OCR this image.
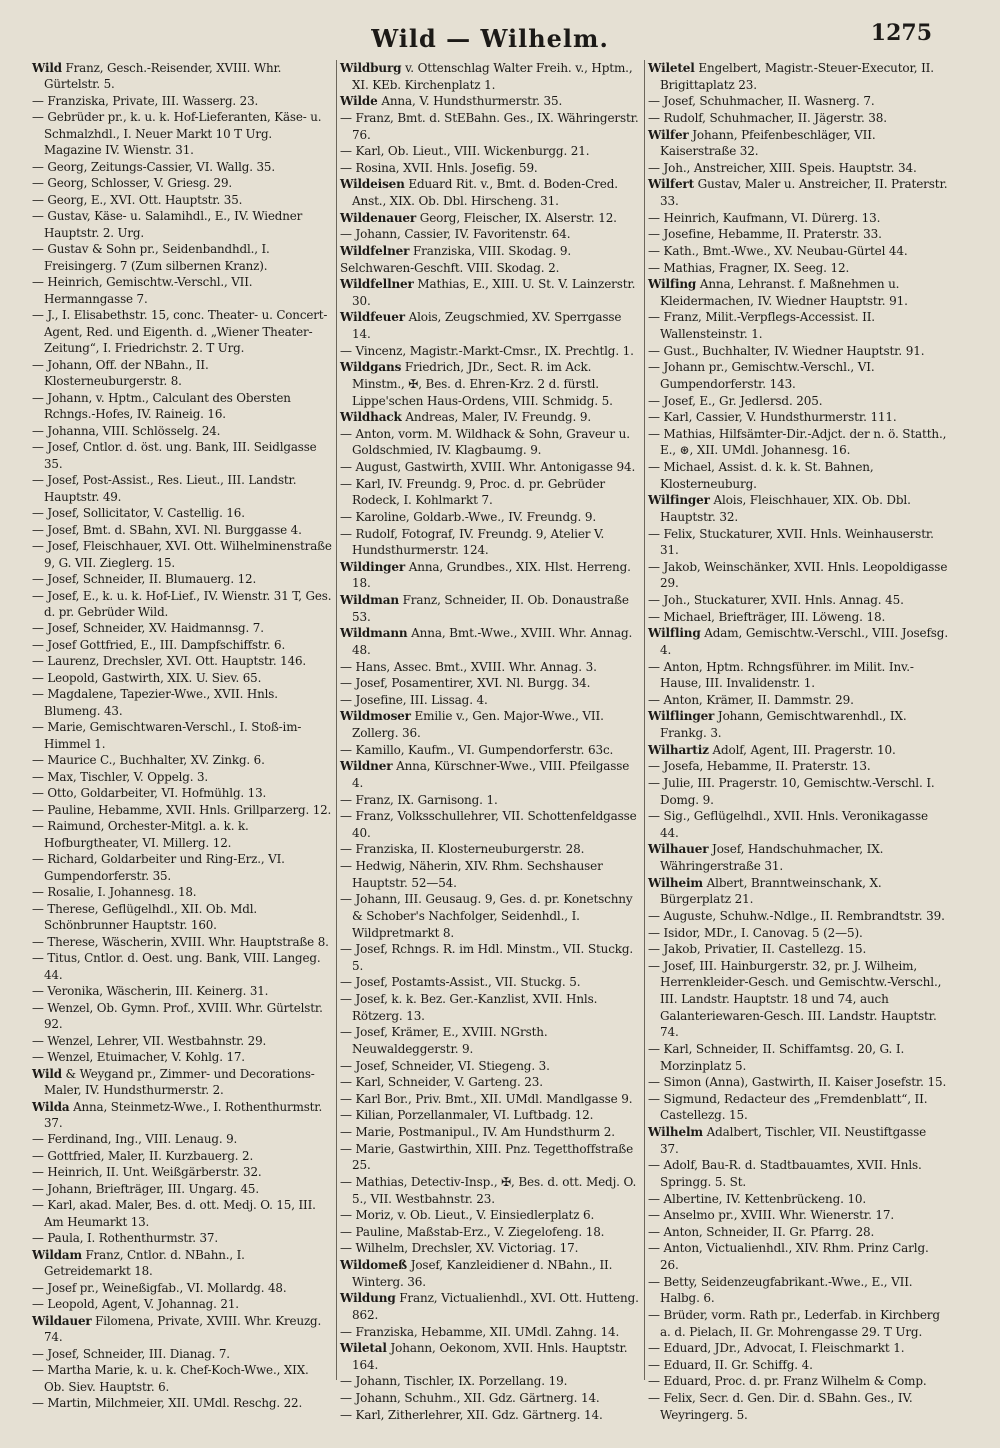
Wild — Wilhelm.	1275

Wild Franz, Gesch.-Reisender, XVIII. Whr. Gürtelstr. 5.

— Franziska, Private, III. Wasserg. 23.

— Gebrüder pr., k. u. k. Hof-Lieferanten, Käse- u. Schmalzhdl., I. Neuer Markt 10 T Urg. Magazine IV. Wienstr. 31.

— Georg, Zeitungs-Cassier, VI. Wallg. 35.

— Georg, Schlosser, V. Griesg. 29.

— Georg, E., XVI. Ott. Hauptstr. 35.

— Gustav, Käse- u. Salamihdl., E., IV. Wiedner Hauptstr. 2. Urg.

— Gustav & Sohn pr., Seidenbandhdl., I. Freisingerg. 7 (Zum silbernen Kranz).

— Heinrich, Gemischtw.-Verschl., VII. Hermanngasse 7.

— J., I. Elisabethstr. 15, conc. Theater- u. Concert-Agent, Red. und Eigenth. d. „Wiener Theater-Zeitung“, I. Friedrichstr. 2. T Urg.

— Johann, Off. der NBahn., II. Klosterneuburgerstr. 8.

— Johann, v. Hptm., Calculant des Obersten Rchngs.-Hofes, IV. Raineig. 16.

— Johanna, VIII. Schlösselg. 24.

— Josef, Cntlor. d. öst. ung. Bank, III. Seidlgasse 35.

— Josef, Post-Assist., Res. Lieut., III. Landstr. Hauptstr. 49.

— Josef, Sollicitator, V. Castellig. 16.

— Josef, Bmt. d. SBahn, XVI. Nl. Burggasse 4.

— Josef, Fleischhauer, XVI. Ott. Wilhelminenstraße 9, G. VII. Zieglerg. 15.

— Josef, Schneider, II. Blumauerg. 12.

— Josef, E., k. u. k. Hof-Lief., IV. Wienstr. 31 T, Ges. d. pr. Gebrüder Wild.

— Josef, Schneider, XV. Haidmannsg. 7.

— Josef Gottfried, E., III. Dampfschiffstr. 6.

— Laurenz, Drechsler, XVI. Ott. Hauptstr. 146.

— Leopold, Gastwirth, XIX. U. Siev. 65.

— Magdalene, Tapezier-Wwe., XVII. Hnls. Blumeng. 43.

— Marie, Gemischtwaren-Verschl., I. Stoß-im-Himmel 1.

— Maurice C., Buchhalter, XV. Zinkg. 6.

— Max, Tischler, V. Oppelg. 3.

— Otto, Goldarbeiter, VI. Hofmühlg. 13.

— Pauline, Hebamme, XVII. Hnls. Grillparzerg. 12.

— Raimund, Orchester-Mitgl. a. k. k. Hofburgtheater, VI. Millerg. 12.

— Richard, Goldarbeiter und Ring-Erz., VI. Gumpendorferstr. 35.

— Rosalie, I. Johannesg. 18.

— Therese, Geflügelhdl., XII. Ob. Mdl. Schönbrunner Hauptstr. 160.

— Therese, Wäscherin, XVIII. Whr. Hauptstraße 8.

— Titus, Cntlor. d. Oest. ung. Bank, VIII. Langeg. 44.

— Veronika, Wäscherin, III. Keinerg. 31.

— Wenzel, Ob. Gymn. Prof., XVIII. Whr. Gürtelstr. 92.

— Wenzel, Lehrer, VII. Westbahnstr. 29.

— Wenzel, Etuimacher, V. Kohlg. 17.

Wild & Weygand pr., Zimmer- und Decorations-Maler, IV. Hundsthurmerstr. 2.

Wilda Anna, Steinmetz-Wwe., I. Rothenthurmstr. 37.

— Ferdinand, Ing., VIII. Lenaug. 9.

— Gottfried, Maler, II. Kurzbauerg. 2.

— Heinrich, II. Unt. Weißgärberstr. 32.

— Johann, Briefträger, III. Ungarg. 45.

— Karl, akad. Maler, Bes. d. ott. Medj. O. 15, III. Am Heumarkt 13.

— Paula, I. Rothenthurmstr. 37.

Wildam Franz, Cntlor. d. NBahn., I. Getreidemarkt 18.

— Josef pr., Weineßigfab., VI. Mollardg. 48.

— Leopold, Agent, V. Johannag. 21.

Wildauer Filomena, Private, XVIII. Whr. Kreuzg. 74.

— Josef, Schneider, III. Dianag. 7.

— Martha Marie, k. u. k. Chef-Koch-Wwe., XIX. Ob. Siev. Hauptstr. 6.

— Martin, Milchmeier, XII. UMdl. Reschg. 22.

Wildburg v. Ottenschlag Walter Freih. v., Hptm., XI. KEb. Kirchenplatz 1.

Wilde Anna, V. Hundsthurmerstr. 35.

— Franz, Bmt. d. StEBahn. Ges., IX. Währingerstr. 76.

— Karl, Ob. Lieut., VIII. Wickenburgg. 21.

— Rosina, XVII. Hnls. Josefig. 59.

Wildeisen Eduard Rit. v., Bmt. d. Boden-Cred. Anst., XIX. Ob. Dbl. Hirscheng. 31.

Wildenauer Georg, Fleischer, IX. Alserstr. 12.

— Johann, Cassier, IV. Favoritenstr. 64.

Wildfelner Franziska, VIII. Skodag. 9.

Selchwaren-Geschft. VIII. Skodag. 2.

Wildfellner Mathias, E., XIII. U. St. V. Lainzerstr. 30.

Wildfeuer Alois, Zeugschmied, XV. Sperrgasse 14.

— Vincenz, Magistr.-Markt-Cmsr., IX. Prechtlg. 1.

Wildgans Friedrich, JDr., Sect. R. im Ack. Minstm., ✠, Bes. d. Ehren-Krz. 2 d. fürstl. Lippe'schen Haus-Ordens, VIII. Schmidg. 5.

Wildhack Andreas, Maler, IV. Freundg. 9.

— Anton, vorm. M. Wildhack & Sohn, Graveur u. Goldschmied, IV. Klagbaumg. 9.

— August, Gastwirth, XVIII. Whr. Antonigasse 94.

— Karl, IV. Freundg. 9, Proc. d. pr. Gebrüder Rodeck, I. Kohlmarkt 7.

— Karoline, Goldarb.-Wwe., IV. Freundg. 9.

— Rudolf, Fotograf, IV. Freundg. 9, Atelier V. Hundsthurmerstr. 124.

Wildinger Anna, Grundbes., XIX. Hlst. Herreng. 18.

Wildman Franz, Schneider, II. Ob. Donaustraße 53.

Wildmann Anna, Bmt.-Wwe., XVIII. Whr. Annag. 48.

— Hans, Assec. Bmt., XVIII. Whr. Annag. 3.

— Josef, Posamentirer, XVI. Nl. Burgg. 34.

— Josefine, III. Lissag. 4.

Wildmoser Emilie v., Gen. Major-Wwe., VII. Zollerg. 36.

— Kamillo, Kaufm., VI. Gumpendorferstr. 63c.

Wildner Anna, Kürschner-Wwe., VIII. Pfeilgasse 4.

— Franz, IX. Garnisong. 1.

— Franz, Volksschullehrer, VII. Schottenfeldgasse 40.

— Franziska, II. Klosterneuburgerstr. 28.

— Hedwig, Näherin, XIV. Rhm. Sechshauser Hauptstr. 52—54.

— Johann, III. Geusaug. 9, Ges. d. pr. Konetschny & Schober's Nachfolger, Seidenhdl., I. Wildpretmarkt 8.

— Josef, Rchngs. R. im Hdl. Minstm., VII. Stuckg. 5.

— Josef, Postamts-Assist., VII. Stuckg. 5.

— Josef, k. k. Bez. Ger.-Kanzlist, XVII. Hnls. Rötzerg. 13.

— Josef, Krämer, E., XVIII. NGrsth. Neuwaldeggerstr. 9.

— Josef, Schneider, VI. Stiegeng. 3.

— Karl, Schneider, V. Garteng. 23.

— Karl Bor., Priv. Bmt., XII. UMdl. Mandlgasse 9.

— Kilian, Porzellanmaler, VI. Luftbadg. 12.

— Marie, Postmanipul., IV. Am Hundsthurm 2.

— Marie, Gastwirthin, XIII. Pnz. Tegetthoffstraße 25.

— Mathias, Detectiv-Insp., ✠, Bes. d. ott. Medj. O. 5., VII. Westbahnstr. 23.

— Moriz, v. Ob. Lieut., V. Einsiedlerplatz 6.

— Pauline, Maßstab-Erz., V. Ziegelofeng. 18.

— Wilhelm, Drechsler, XV. Victoriag. 17.

Wildomeß Josef, Kanzleidiener d. NBahn., II. Winterg. 36.

Wildung Franz, Victualienhdl., XVI. Ott. Hutteng. 862.

— Franziska, Hebamme, XII. UMdl. Zahng. 14.

Wiletal Johann, Oekonom, XVII. Hnls. Hauptstr. 164.

— Johann, Tischler, IX. Porzellang. 19.

— Johann, Schuhm., XII. Gdz. Gärtnerg. 14.

— Karl, Zitherlehrer, XII. Gdz. Gärtnerg. 14.

Wiletel Engelbert, Magistr.-Steuer-Executor, II. Brigittaplatz 23.

— Josef, Schuhmacher, II. Wasnerg. 7.

— Rudolf, Schuhmacher, II. Jägerstr. 38.

Wilfer Johann, Pfeifenbeschläger, VII. Kaiserstraße 32.

— Joh., Anstreicher, XIII. Speis. Hauptstr. 34.

Wilfert Gustav, Maler u. Anstreicher, II. Praterstr. 33.

— Heinrich, Kaufmann, VI. Dürerg. 13.

— Josefine, Hebamme, II. Praterstr. 33.

— Kath., Bmt.-Wwe., XV. Neubau-Gürtel 44.

— Mathias, Fragner, IX. Seeg. 12.

Wilfing Anna, Lehranst. f. Maßnehmen u. Kleidermachen, IV. Wiedner Hauptstr. 91.

— Franz, Milit.-Verpflegs-Accessist. II. Wallensteinstr. 1.

— Gust., Buchhalter, IV. Wiedner Hauptstr. 91.

— Johann pr., Gemischtw.-Verschl., VI. Gumpendorferstr. 143.

— Josef, E., Gr. Jedlersd. 205.

— Karl, Cassier, V. Hundsthurmerstr. 111.

— Mathias, Hilfsämter-Dir.-Adjct. der n. ö. Statth., E., ⊛, XII. UMdl. Johannesg. 16.

— Michael, Assist. d. k. k. St. Bahnen, Klosterneuburg.

Wilfinger Alois, Fleischhauer, XIX. Ob. Dbl. Hauptstr. 32.

— Felix, Stuckaturer, XVII. Hnls. Weinhauserstr. 31.

— Jakob, Weinschänker, XVII. Hnls. Leopoldigasse 29.

— Joh., Stuckaturer, XVII. Hnls. Annag. 45.

— Michael, Briefträger, III. Löweng. 18.

Wilfling Adam, Gemischtw.-Verschl., VIII. Josefsg. 4.

— Anton, Hptm. Rchngsführer. im Milit. Inv.-Hause, III. Invalidenstr. 1.

— Anton, Krämer, II. Dammstr. 29.

Wilflinger Johann, Gemischtwarenhdl., IX. Frankg. 3.

Wilhartiz Adolf, Agent, III. Pragerstr. 10.

— Josefa, Hebamme, II. Praterstr. 13.

— Julie, III. Pragerstr. 10, Gemischtw.-Verschl. I. Domg. 9.

— Sig., Geflügelhdl., XVII. Hnls. Veronikagasse 44.

Wilhauer Josef, Handschuhmacher, IX. Währingerstraße 31.

Wilheim Albert, Branntweinschank, X. Bürgerplatz 21.

— Auguste, Schuhw.-Ndlge., II. Rembrandtstr. 39.

— Isidor, MDr., I. Canovag. 5 (2—5).

— Jakob, Privatier, II. Castellezg. 15.

— Josef, III. Hainburgerstr. 32, pr. J. Wilheim, Herrenkleider-Gesch. und Gemischtw.-Verschl., III. Landstr. Hauptstr. 18 und 74, auch Galanteriewaren-Gesch. III. Landstr. Hauptstr. 74.

— Karl, Schneider, II. Schiffamtsg. 20, G. I. Morzinplatz 5.

— Simon (Anna), Gastwirth, II. Kaiser Josefstr. 15.

— Sigmund, Redacteur des „Fremdenblatt“, II. Castellezg. 15.

Wilhelm Adalbert, Tischler, VII. Neustiftgasse 37.

— Adolf, Bau-R. d. Stadtbauamtes, XVII. Hnls. Springg. 5. St.

— Albertine, IV. Kettenbrückeng. 10.

— Anselmo pr., XVIII. Whr. Wienerstr. 17.

— Anton, Schneider, II. Gr. Pfarrg. 28.

— Anton, Victualienhdl., XIV. Rhm. Prinz Carlg. 26.

— Betty, Seidenzeugfabrikant.-Wwe., E., VII. Halbg. 6.

— Brüder, vorm. Rath pr., Lederfab. in Kirchberg a. d. Pielach, II. Gr. Mohrengasse 29. T Urg.

— Eduard, JDr., Advocat, I. Fleischmarkt 1.

— Eduard, II. Gr. Schiffg. 4.

— Eduard, Proc. d. pr. Franz Wilhelm & Comp.

— Felix, Secr. d. Gen. Dir. d. SBahn. Ges., IV. Weyringerg. 5.
